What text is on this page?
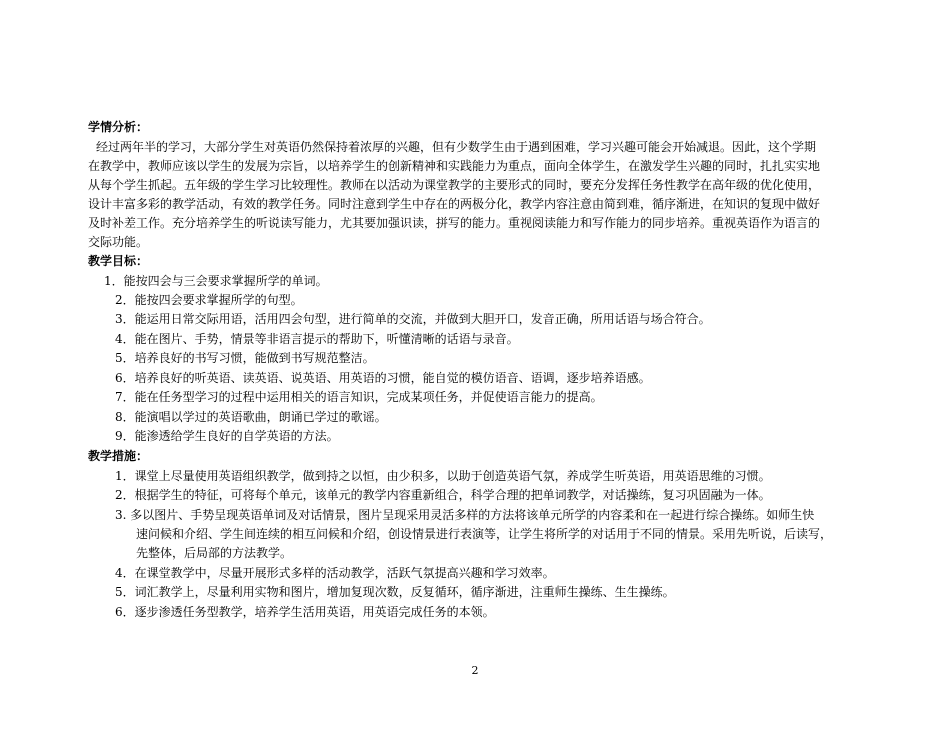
学情分析：
经过两年半的学习，大部分学生对英语仍然保持着浓厚的兴趣，但有少数学生由于遇到困难，学习兴趣可能会开始减退。因此，这个学期
在教学中，教师应该以学生的发展为宗旨，以培养学生的创新精神和实践能力为重点，面向全体学生，在激发学生兴趣的同时，扎扎实实地
从每个学生抓起。五年级的学生学习比较理性。教师在以活动为课堂教学的主要形式的同时，要充分发挥任务性教学在高年级的优化使用，
设计丰富多彩的教学活动，有效的教学任务。同时注意到学生中存在的两极分化，教学内容注意由简到难，循序渐进，在知识的复现中做好
及时补差工作。充分培养学生的听说读写能力，尤其要加强识读，拼写的能力。重视阅读能力和写作能力的同步培养。重视英语作为语言的
交际功能。
教学目标：
1．能按四会与三会要求掌握所学的单词。
2．能按四会要求掌握所学的句型。
3．能运用日常交际用语，活用四会句型，进行简单的交流，并做到大胆开口，发音正确，所用话语与场合符合。
4．能在图片、手势，情景等非语言提示的帮助下，听懂清晰的话语与录音。
5．培养良好的书写习惯，能做到书写规范整洁。
6．培养良好的听英语、读英语、说英语、用英语的习惯，能自觉的模仿语音、语调，逐步培养语感。
7．能在任务型学习的过程中运用相关的语言知识，完成某项任务，并促使语言能力的提高。
8．能演唱以学过的英语歌曲，朗诵已学过的歌谣。
9．能渗透给学生良好的自学英语的方法。
教学措施：
1．课堂上尽量使用英语组织教学，做到持之以恒，由少积多，以助于创造英语气氛，养成学生听英语，用英语思维的习惯。
2．根据学生的特征，可将每个单元，该单元的教学内容重新组合，科学合理的把单词教学，对话操练，复习巩固融为一体。
3. 多以图片、手势呈现英语单词及对话情景，图片呈现采用灵活多样的方法将该单元所学的内容柔和在一起进行综合操练。如师生快
速问候和介绍、学生间连续的相互问候和介绍，创设情景进行表演等，让学生将所学的对话用于不同的情景。采用先听说，后读写，
先整体，后局部的方法教学。
4．在课堂教学中，尽量开展形式多样的活动教学，活跃气氛提高兴趣和学习效率。
5．词汇教学上，尽量利用实物和图片，增加复现次数，反复循环，循序渐进，注重师生操练、生生操练。
6．逐步渗透任务型教学，培养学生活用英语，用英语完成任务的本领。
2
